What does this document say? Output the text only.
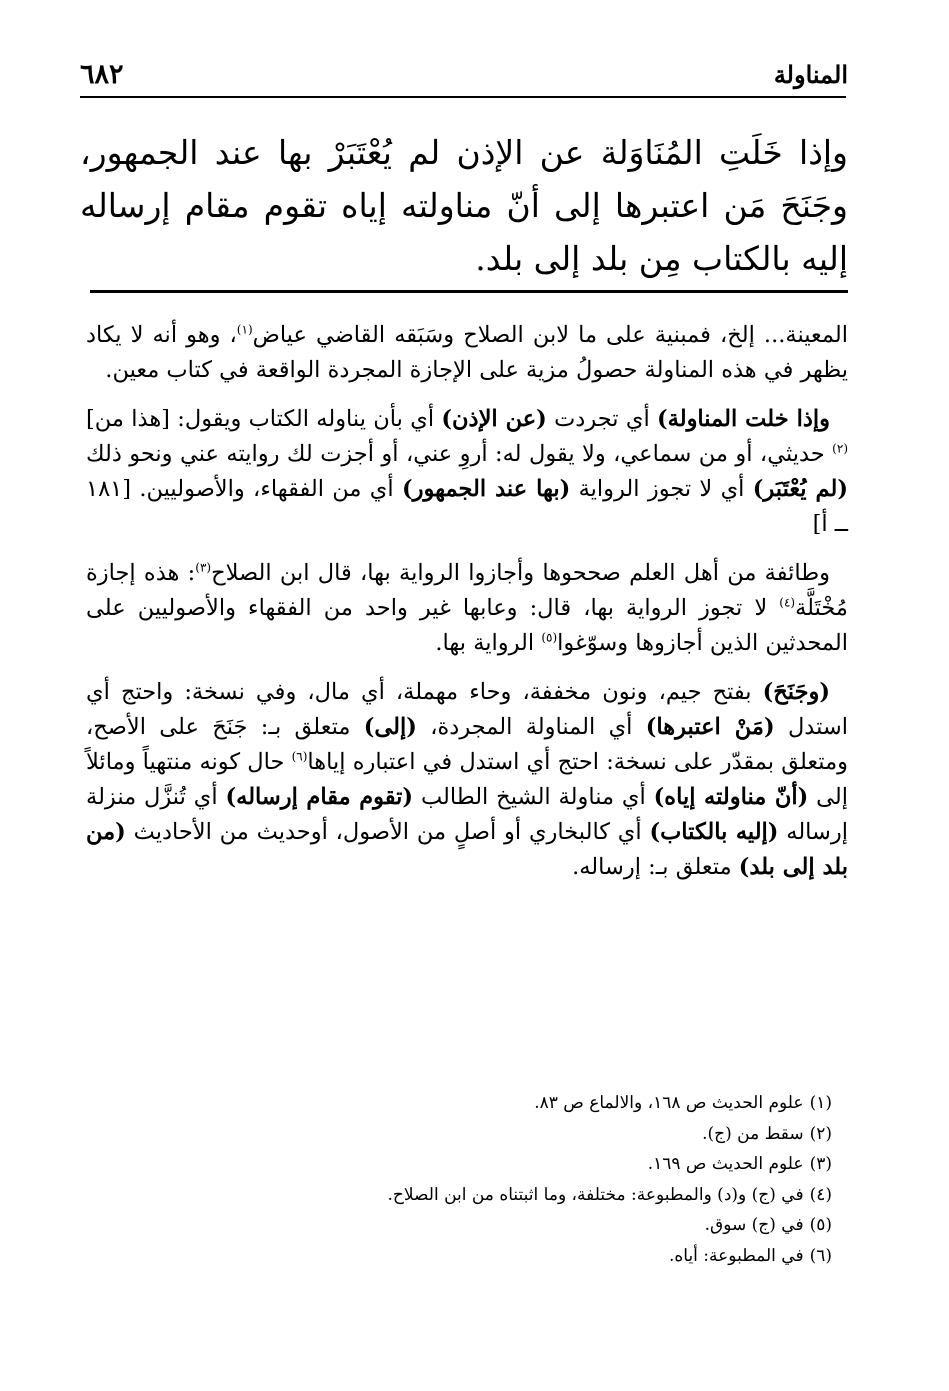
المناولة
٦٨٢
وإذا خَلَتِ المُنَاوَلة عن الإذن لم يُعْتَبَرْ بها عند الجمهور، وجَنَحَ مَن اعتبرها إلى أنّ مناولته إياه تقوم مقام إرساله إليه بالكتاب مِن بلد إلى بلد.

المعينة... إلخ، فمبنية على ما لابن الصلاح وسَبَقه القاضي عياض$^{(١)}$، وهو أنه لا يكاد يظهر في هذه المناولة حصولُ مزية على الإجازة المجردة الواقعة في كتاب معين.

وإذا خلت المناولة) أي تجردت (عن الإذن) أي بأن يناوله الكتاب ويقول: [هذا من]$^{(٢)}$ حديثي، أو من سماعي، ولا يقول له: أروِ عني، أو أجزت لك روايته عني ونحو ذلك (لم يُعْتَبَر) أي لا تجوز الرواية (بها عند الجمهور) أي من الفقهاء، والأصوليين. [١٨١ ــ أ]

وطائفة من أهل العلم صححوها وأجازوا الرواية بها، قال ابن الصلاح$^{(٣)}$: هذه إجازة مُخْتَلَّة$^{(٤)}$ لا تجوز الرواية بها، قال: وعابها غير واحد من الفقهاء والأصوليين على المحدثين الذين أجازوها وسوّغوا$^{(٥)}$ الرواية بها.

(وجَنَحَ) بفتح جيم، ونون مخففة، وحاء مهملة، أي مال، وفي نسخة: واحتج أي استدل (مَنْ اعتبرها) أي المناولة المجردة، (إلى) متعلق بـ: جَنَحَ على الأصح، ومتعلق بمقدّر على نسخة: احتج أي استدل في اعتباره إياها$^{(٦)}$ حال كونه منتهياً ومائلاً إلى (أنّ مناولته إياه) أي مناولة الشيخ الطالب (تقوم مقام إرساله) أي تُنزَّل منزلة إرساله (إليه بالكتاب) أي كالبخاري أو أصلٍ من الأصول، أوحديث من الأحاديث (من بلد إلى بلد) متعلق بـ: إرساله.

(١)علوم الحديث ص ١٦٨، والالماع ص ٨٣.
(٢)سقط من (ج).
(٣)علوم الحديث ص ١٦٩.
(٤)في (ج) و(د) والمطبوعة: مختلفة، وما اثبتناه من ابن الصلاح.
(٥)في (ج) سوق.
(٦)في المطبوعة: أياه.
